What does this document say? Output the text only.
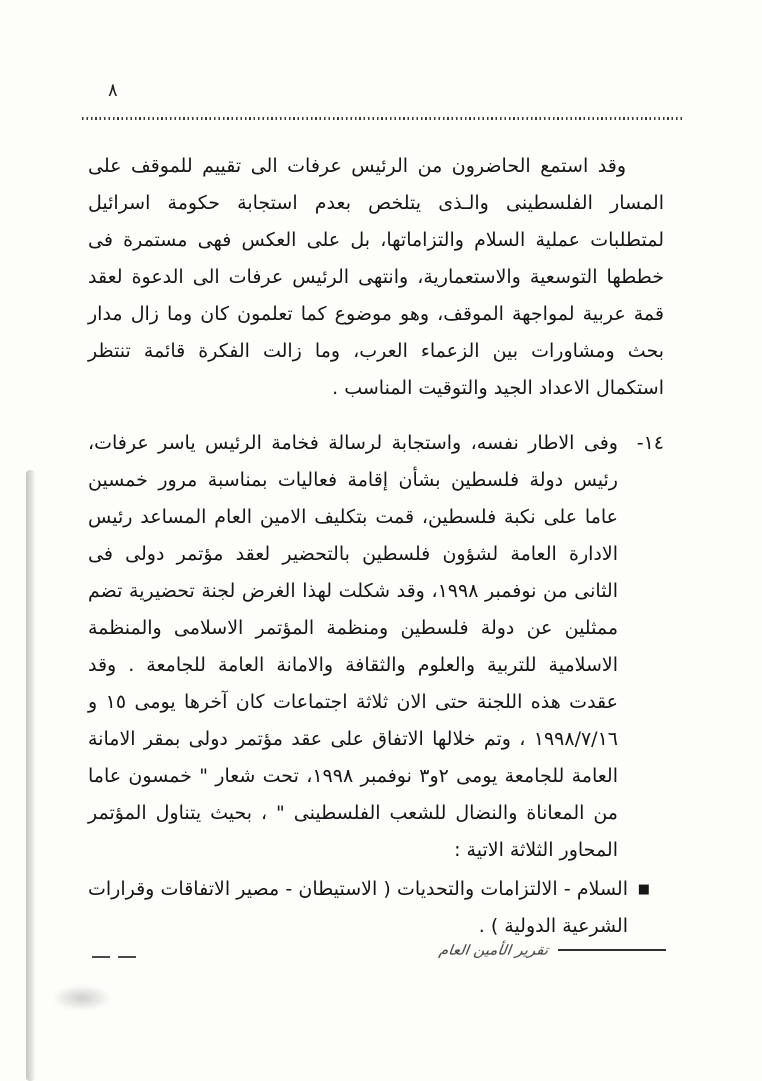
٨

وقد استمع الحاضرون من الرئيس عرفات الى تقييم للموقف على المسار الفلسطينى والـذى يتلخص بعدم استجابة حكومة اسرائيل لمتطلبات عملية السلام والتزاماتها، بل على العكس فهى مستمرة فى خططها التوسعية والاستعمارية، وانتهى الرئيس عرفات الى الدعوة لعقد قمة عربية لمواجهة الموقف، وهو موضوع كما تعلمون كان وما زال مدار بحث ومشاورات بين الزعماء العرب، وما زالت الفكرة قائمة تنتظر استكمال الاعداد الجيد والتوقيت المناسب .

١٤-

وفى الاطار نفسه، واستجابة لرسالة فخامة الرئيس ياسر عرفات، رئيس دولة فلسطين بشأن إقامة فعاليات بمناسبة مرور خمسين عاما على نكبة فلسطين، قمت بتكليف الامين العام المساعد رئيس الادارة العامة لشؤون فلسطين بالتحضير لعقد مؤتمر دولى فى الثانى من نوفمبر ١٩٩٨، وقد شكلت لهذا الغرض لجنة تحضيرية تضم ممثلين عن دولة فلسطين ومنظمة المؤتمر الاسلامى والمنظمة الاسلامية للتربية والعلوم والثقافة والامانة العامة للجامعة . وقد عقدت هذه اللجنة حتى الان ثلاثة اجتماعات كان آخرها يومى ١٥ و ١٩٩٨/٧/١٦ ، وتم خلالها الاتفاق على عقد مؤتمر دولى بمقر الامانة العامة للجامعة يومى ٢و٣ نوفمبر ١٩٩٨، تحت شعار " خمسون عاما من المعاناة والنضال للشعب الفلسطينى " ، بحيث يتناول المؤتمر المحاور الثلاثة الاتية :

■

السلام - الالتزامات والتحديات ( الاستيطان - مصير الاتفاقات وقرارات الشرعية الدولية ) .

تقرير الأمين العام
